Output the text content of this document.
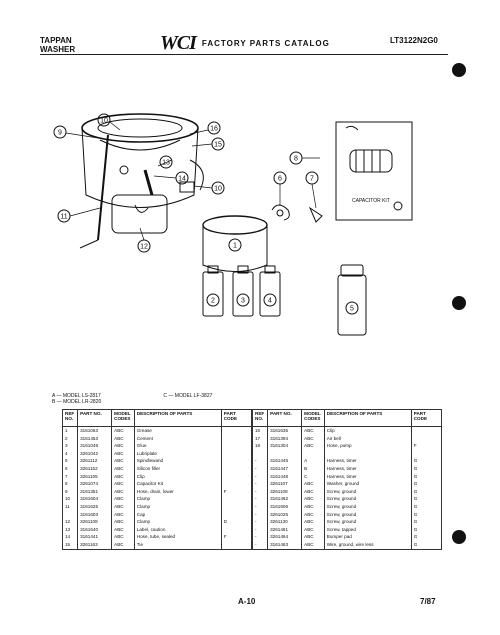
TAPPAN
WASHER	WCI FACTORY PARTS CATALOG	LT3122N2G0
CAPACITOR KIT
9
10
16
15
13
14
10
11
12
6	7
8
1
2	3	4
5
A — MODEL LS-2817	C — MODEL LF-3827
B — MODEL LR-2820
REF NO.	PART NO.	MODEL CODES	DESCRIPTION OF PARTS	PART CODE
1	3161063	ABC	Grease	
2	3161453	ABC	Cement	
3	3161048	ABC	Glue	
4	3261042	ABC	Lubriplate	
5	3261112	ABC	Spindlewand	
6	3261152	ABC	Silicon filler	
7	3261105	ABC	Clip	
8	3261074	ABC	Capacitor Kit	
9	3161351	ABC	Hose, drain, lower	F
10	3161604	ABC	Clamp	
11	3161625	ABC	Clamp	
	3161603	ABC	Cap	
12	3261108	ABC	Clamp	D
13	3161640	ABC	Label, caution	
14	3161441	ABC	Hose, tube, sealed	F
15	3261163	ABC	Tie	
REF NO.	PART NO.	MODEL CODES	DESCRIPTION OF PARTS	PART CODE
16	3161635	ABC	Clip	
17	3161394	ABC	Air bell	
18	3161304	ABC	Hose, pump	F

-	3161445	A	Harness, timer	G
-	3161447	B	Harness, timer	G
-	3161448	C	Harness, timer	G
-	3261107	ABC	Washer, ground	G
-	3261108	ABC	Screw, ground	G
-	3161462	ABC	Screw, ground	G
-	3161606	ABC	Screw, ground	G
-	3261025	ABC	Screw, ground	G
-	3261130	ABC	Screw, ground	G
-	3261461	ABC	Screw, tapped	G
-	3261464	ABC	Bumper pad	G
-	3161463	ABC	Wire, ground, wire less	G
A-10	7/87
